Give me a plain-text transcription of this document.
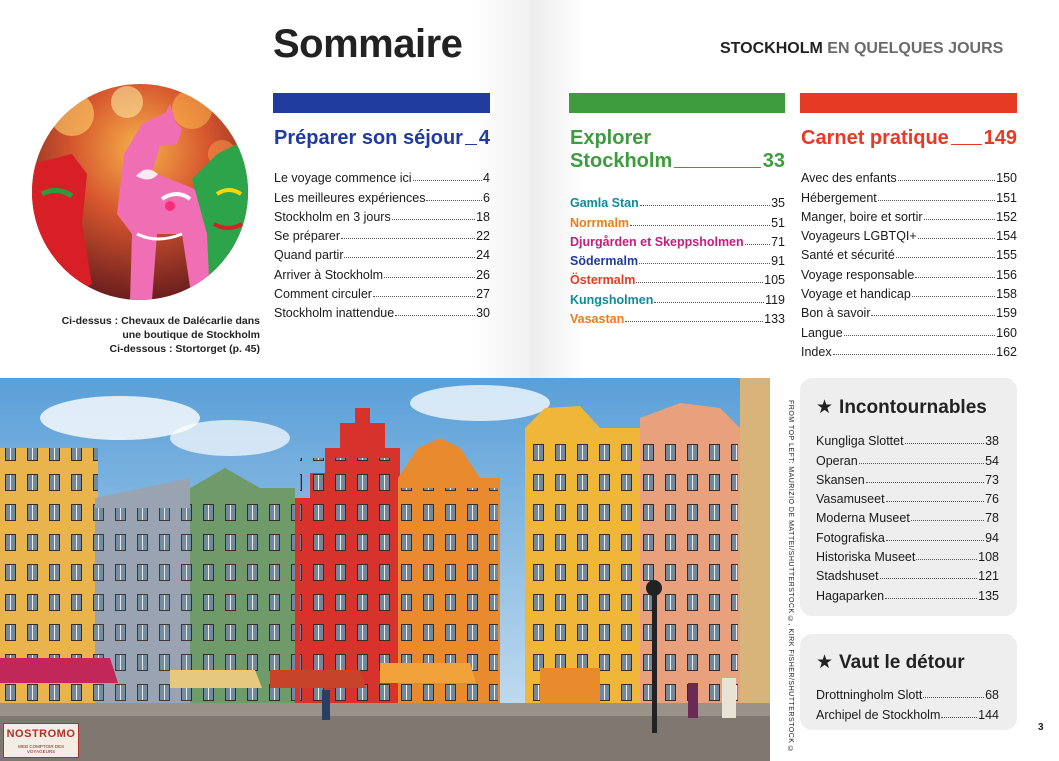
Sommaire	STOCKHOLM EN QUELQUES JOURS
Ci-dessus : Chevaux de Dalécarlie dans
une boutique de Stockholm
Ci-dessous : Stortorget (p. 45)
Préparer son séjour 4
Le voyage commence ici	4
Les meilleures expériences	6
Stockholm en 3 jours	18
Se préparer	22
Quand partir	24
Arriver à Stockholm	26
Comment circuler	27
Stockholm inattendue	30
Explorer
Stockholm	33
Gamla Stan	35
Norrmalm	51
Djurgården et Skeppsholmen 71
Södermalm	91
Östermalm	105
Kungsholmen	119
Vasastan	133
Carnet pratique 149
Avec des enfants	150
Hébergement	151
Manger, boire et sortir	152
Voyageurs LGBTQI+	154
Santé et sécurité	155
Voyage responsable	156
Voyage et handicap	158
Bon à savoir	159
Langue	160
Index	162
FROM TOP LEFT: MAURIZIO DE MATTEI/SHUTTERSTOCK ©, KIRK FISHER/SHUTTERSTOCK © ★ Incontournables
Kungliga Slottet	38
Operan	54
Skansen	73
Vasamuseet	76
Moderna Museet	78
Fotografiska	94
Historiska Museet	108
Stadshuset	121
Hagaparken	135
★ Vaut le détour
Drottningholm Slott	68
Archipel de Stockholm	144
NOSTROMO
WEB COMPTOIR DES VOYAGEURS
3
